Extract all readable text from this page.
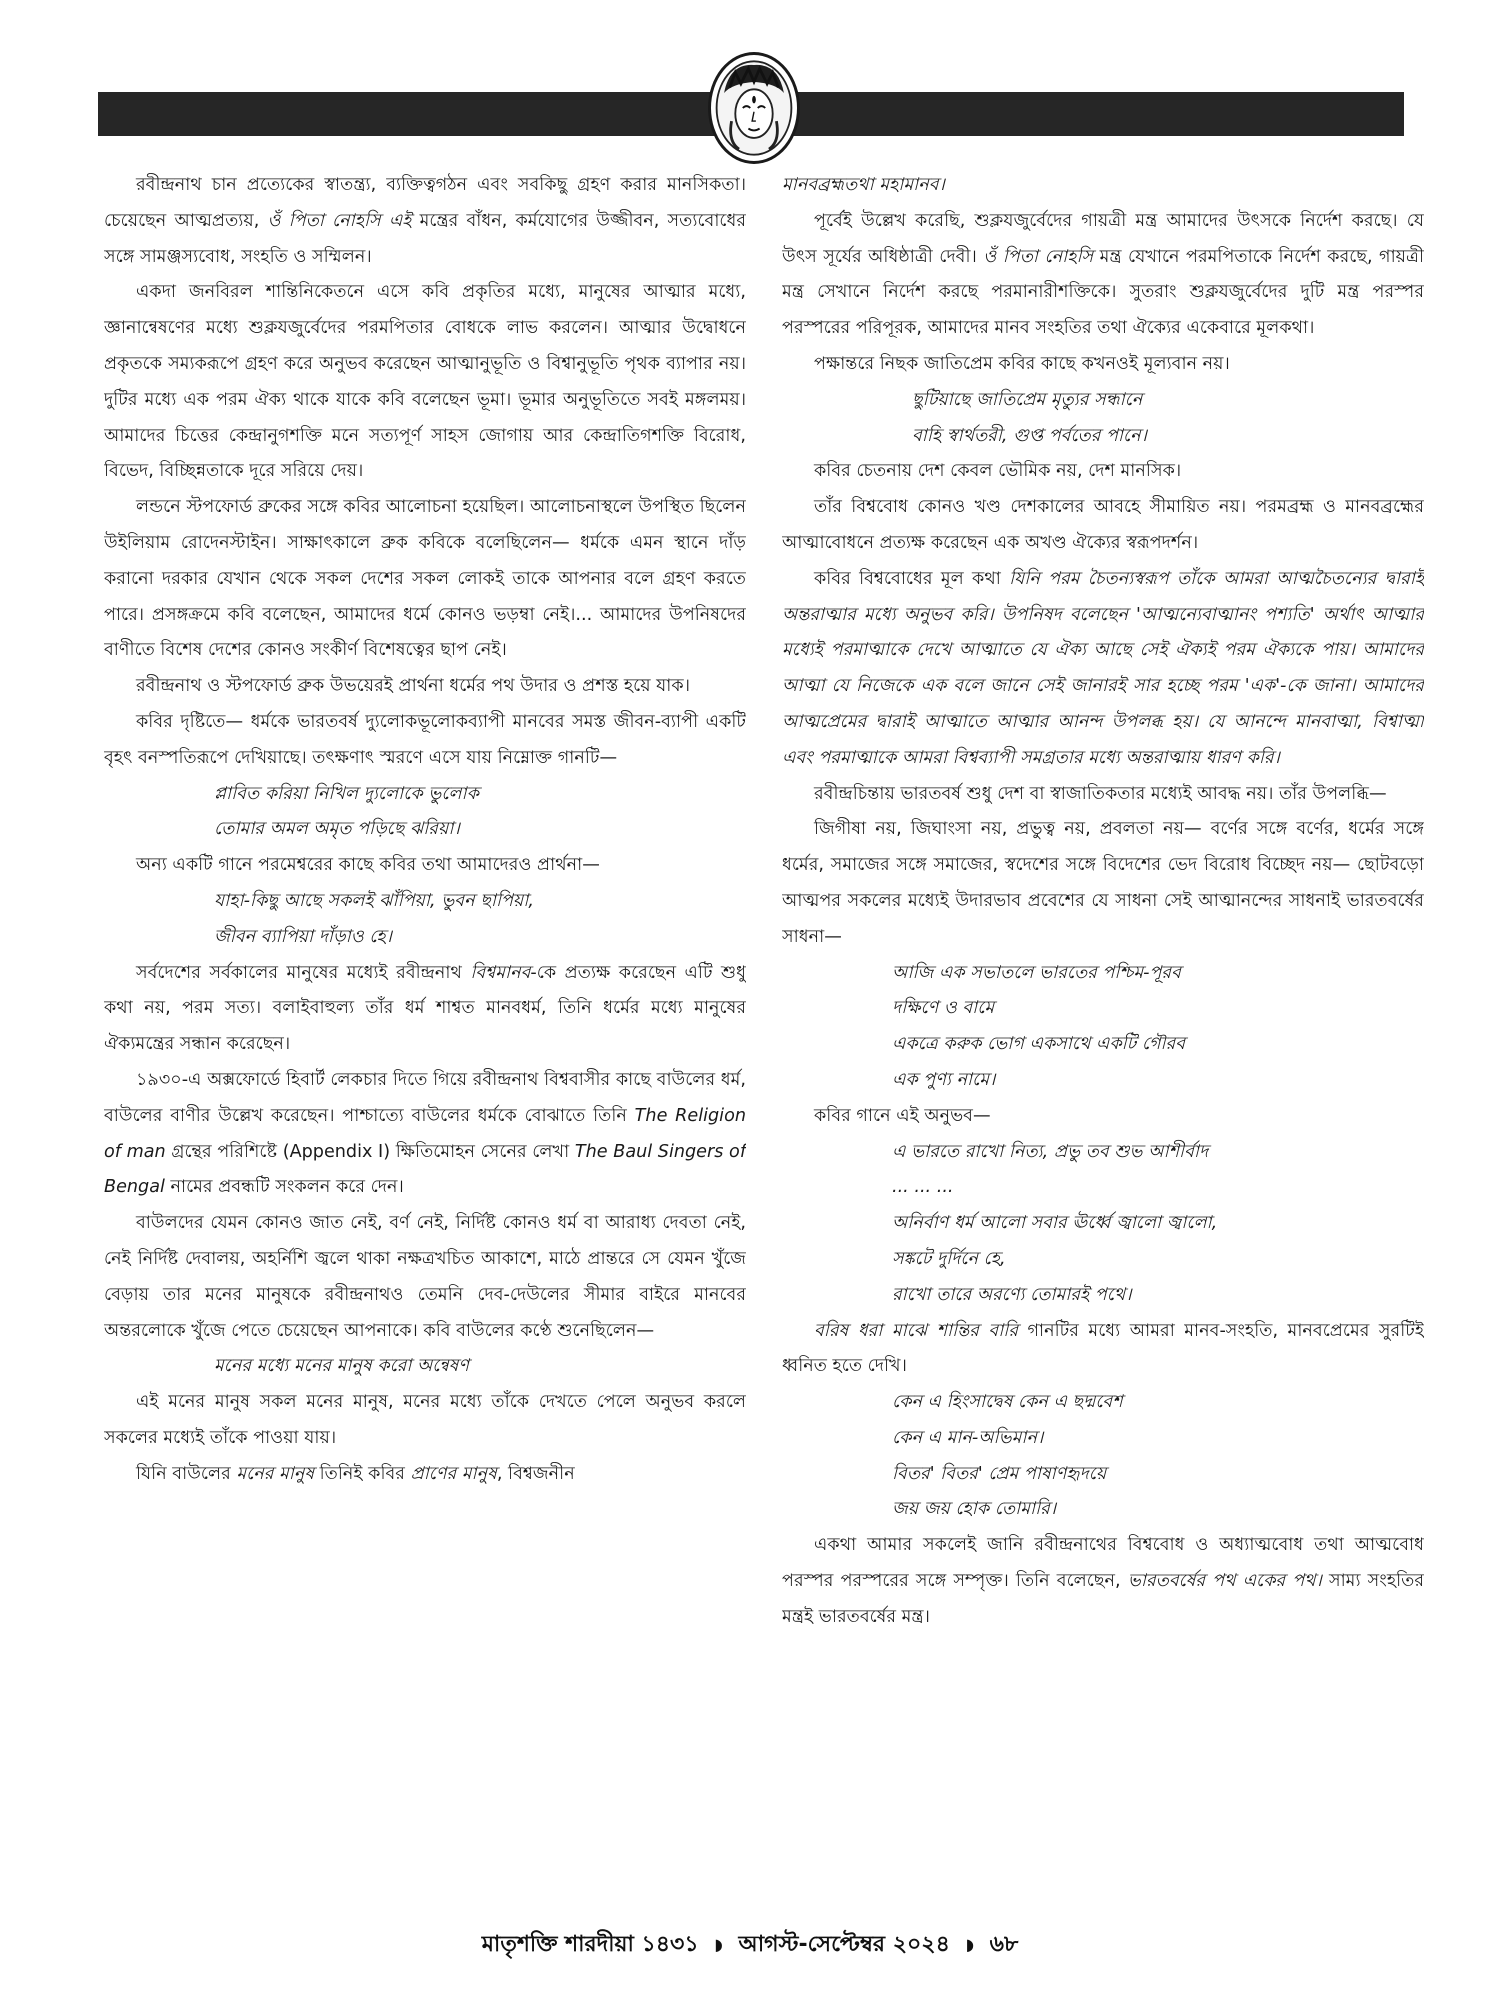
রবীন্দ্রনাথ চান প্রত্যেকের স্বাতন্ত্র্য, ব্যক্তিত্বগঠন এবং সবকিছু গ্রহণ করার মানসিকতা। চেয়েছেন আত্মপ্রত্যয়, ওঁ পিতা নোহসি এই মন্ত্রের বাঁধন, কর্মযোগের উজ্জীবন, সত্যবোধের সঙ্গে সামঞ্জস্যবোধ, সংহতি ও সম্মিলন।

একদা জনবিরল শান্তিনিকেতনে এসে কবি প্রকৃতির মধ্যে, মানুষের আত্মার মধ্যে, জ্ঞানান্বেষণের মধ্যে শুক্লযজুর্বেদের পরমপিতার বোধকে লাভ করলেন। আত্মার উদ্বোধনে প্রকৃতকে সম্যকরূপে গ্রহণ করে অনুভব করেছেন আত্মানুভূতি ও বিশ্বানুভূতি পৃথক ব্যাপার নয়। দুটির মধ্যে এক পরম ঐক্য থাকে যাকে কবি বলেছেন ভূমা। ভূমার অনুভূতিতে সবই মঙ্গলময়। আমাদের চিত্তের কেন্দ্রানুগশক্তি মনে সত্যপূর্ণ সাহস জোগায় আর কেন্দ্রাতিগশক্তি বিরোধ, বিভেদ, বিচ্ছিন্নতাকে দূরে সরিয়ে দেয়।

লন্ডনে স্টপফোর্ড ব্রুকের সঙ্গে কবির আলোচনা হয়েছিল। আলোচনাস্থলে উপস্থিত ছিলেন উইলিয়াম রোদেনস্টাইন। সাক্ষাৎকালে ব্রুক কবিকে বলেছিলেন— ধর্মকে এমন স্থানে দাঁড় করানো দরকার যেখান থেকে সকল দেশের সকল লোকই তাকে আপনার বলে গ্রহণ করতে পারে। প্রসঙ্গক্রমে কবি বলেছেন, আমাদের ধর্মে কোনও ভড়ম্বা নেই।... আমাদের উপনিষদের বাণীতে বিশেষ দেশের কোনও সংকীর্ণ বিশেষত্বের ছাপ নেই।

রবীন্দ্রনাথ ও স্টপফোর্ড ব্রুক উভয়েরই প্রার্থনা ধর্মের পথ উদার ও প্রশস্ত হয়ে যাক।

কবির দৃষ্টিতে— ধর্মকে ভারতবর্ষ দ্যুলোকভূলোকব্যাপী মানবের সমস্ত জীবন-ব্যাপী একটি বৃহৎ বনস্পতিরূপে দেখিয়াছে। তৎক্ষণাৎ স্মরণে এসে যায় নিম্নোক্ত গানটি—

প্লাবিত করিয়া নিখিল দ্যুলোকে ভুলোক

তোমার অমল অমৃত পড়িছে ঝরিয়া।

অন্য একটি গানে পরমেশ্বরের কাছে কবির তথা আমাদেরও প্রার্থনা—

যাহা-কিছু আছে সকলই ঝাঁপিয়া, ভুবন ছাপিয়া,

জীবন ব্যাপিয়া দাঁড়াও হে।

সর্বদেশের সর্বকালের মানুষের মধ্যেই রবীন্দ্রনাথ বিশ্বমানব-কে প্রত্যক্ষ করেছেন এটি শুধু কথা নয়, পরম সত্য। বলাইবাহুল্য তাঁর ধর্ম শাশ্বত মানবধর্ম, তিনি ধর্মের মধ্যে মানুষের ঐক্যমন্ত্রের সন্ধান করেছেন।

১৯৩০-এ অক্সফোর্ডে হিবার্ট লেকচার দিতে গিয়ে রবীন্দ্রনাথ বিশ্ববাসীর কাছে বাউলের ধর্ম, বাউলের বাণীর উল্লেখ করেছেন। পাশ্চাত্যে বাউলের ধর্মকে বোঝাতে তিনি The Religion of man গ্রন্থের পরিশিষ্টে (Appendix I) ক্ষিতিমোহন সেনের লেখা The Baul Singers of Bengal নামের প্রবন্ধটি সংকলন করে দেন।

বাউলদের যেমন কোনও জাত নেই, বর্ণ নেই, নির্দিষ্ট কোনও ধর্ম বা আরাধ্য দেবতা নেই, নেই নির্দিষ্ট দেবালয়, অহর্নিশি জ্বলে থাকা নক্ষত্রখচিত আকাশে, মাঠে প্রান্তরে সে যেমন খুঁজে বেড়ায় তার মনের মানুষকে রবীন্দ্রনাথও তেমনি দেব-দেউলের সীমার বাইরে মানবের অন্তরলোকে খুঁজে পেতে চেয়েছেন আপনাকে। কবি বাউলের কণ্ঠে শুনেছিলেন—

মনের মধ্যে মনের মানুষ করো অন্বেষণ

এই মনের মানুষ সকল মনের মানুষ, মনের মধ্যে তাঁকে দেখতে পেলে অনুভব করলে সকলের মধ্যেই তাঁকে পাওয়া যায়।

যিনি বাউলের মনের মানুষ তিনিই কবির প্রাণের মানুষ, বিশ্বজনীন

মানবব্রহ্মতথা মহামানব।

পূর্বেই উল্লেখ করেছি, শুক্লযজুর্বেদের গায়ত্রী মন্ত্র আমাদের উৎসকে নির্দেশ করছে। যে উৎস সূর্যের অধিষ্ঠাত্রী দেবী। ওঁ পিতা নোহসি মন্ত্র যেখানে পরমপিতাকে নির্দেশ করছে, গায়ত্রী মন্ত্র সেখানে নির্দেশ করছে পরমানারীশক্তিকে। সুতরাং শুক্লযজুর্বেদের দুটি মন্ত্র পরস্পর পরস্পরের পরিপূরক, আমাদের মানব সংহতির তথা ঐক্যের একেবারে মূলকথা।

পক্ষান্তরে নিছক জাতিপ্রেম কবির কাছে কখনওই মূল্যবান নয়।

ছুটিয়াছে জাতিপ্রেম মৃত্যুর সন্ধানে

বাহি স্বার্থতরী, গুপ্ত পর্বতের পানে।

কবির চেতনায় দেশ কেবল ভৌমিক নয়, দেশ মানসিক।

তাঁর বিশ্ববোধ কোনও খণ্ড দেশকালের আবহে সীমায়িত নয়। পরমব্রহ্ম ও মানবব্রহ্মের আত্মাবোধনে প্রত্যক্ষ করেছেন এক অখণ্ড ঐক্যের স্বরূপদর্শন।

কবির বিশ্ববোধের মূল কথা যিনি পরম চৈতন্যস্বরূপ তাঁকে আমরা আত্মচৈতন্যের দ্বারাই অন্তরাত্মার মধ্যে অনুভব করি। উপনিষদ বলেছেন 'আত্মন্যেবাত্মানং পশ্যতি' অর্থাৎ আত্মার মধ্যেই পরমাত্মাকে দেখে আত্মাতে যে ঐক্য আছে সেই ঐক্যই পরম ঐক্যকে পায়। আমাদের আত্মা যে নিজেকে এক বলে জানে সেই জানারই সার হচ্ছে পরম 'এক'-কে জানা। আমাদের আত্মপ্রেমের দ্বারাই আত্মাতে আত্মার আনন্দ উপলব্ধ হয়। যে আনন্দে মানবাত্মা, বিশ্বাত্মা এবং পরমাত্মাকে আমরা বিশ্বব্যাপী সমগ্রতার মধ্যে অন্তরাত্মায় ধারণ করি।

রবীন্দ্রচিন্তায় ভারতবর্ষ শুধু দেশ বা স্বাজাতিকতার মধ্যেই আবদ্ধ নয়। তাঁর উপলব্ধি—

জিগীষা নয়, জিঘাংসা নয়, প্রভুত্ব নয়, প্রবলতা নয়— বর্ণের সঙ্গে বর্ণের, ধর্মের সঙ্গে ধর্মের, সমাজের সঙ্গে সমাজের, স্বদেশের সঙ্গে বিদেশের ভেদ বিরোধ বিচ্ছেদ নয়— ছোটবড়ো আত্মপর সকলের মধ্যেই উদারভাব প্রবেশের যে সাধনা সেই আত্মানন্দের সাধনাই ভারতবর্ষের সাধনা—

আজি এক সভাতলে ভারতের পশ্চিম-পূরব

দক্ষিণে ও বামে

একত্রে করুক ভোগ একসাথে একটি গৌরব

এক পুণ্য নামে।

কবির গানে এই অনুভব—

এ ভারতে রাখো নিত্য, প্রভু তব শুভ আশীর্বাদ

... ... ...

অনির্বাণ ধর্ম আলো সবার ঊর্ধ্বে জ্বালো জ্বালো,

সঙ্কটে দুর্দিনে হে,

রাখো তারে অরণ্যে তোমারই পথে।

বরিষ ধরা মাঝে শান্তির বারি গানটির মধ্যে আমরা মানব-সংহতি, মানবপ্রেমের সুরটিই ধ্বনিত হতে দেখি।

কেন এ হিংসাদ্বেষ কেন এ ছদ্মবেশ

কেন এ মান-অভিমান।

বিতর' বিতর' প্রেম পাষাণহৃদয়ে

জয় জয় হোক তোমারি।

একথা আমার সকলেই জানি রবীন্দ্রনাথের বিশ্ববোধ ও অধ্যাত্মবোধ তথা আত্মবোধ পরস্পর পরস্পরের সঙ্গে সম্পৃক্ত। তিনি বলেছেন, ভারতবর্ষের পথ একের পথ। সাম্য সংহতির মন্ত্রই ভারতবর্ষের মন্ত্র।

মাতৃশক্তি শারদীয়া ১৪৩১ ◗ আগস্ট-সেপ্টেম্বর ২০২৪ ◗ ৬৮
